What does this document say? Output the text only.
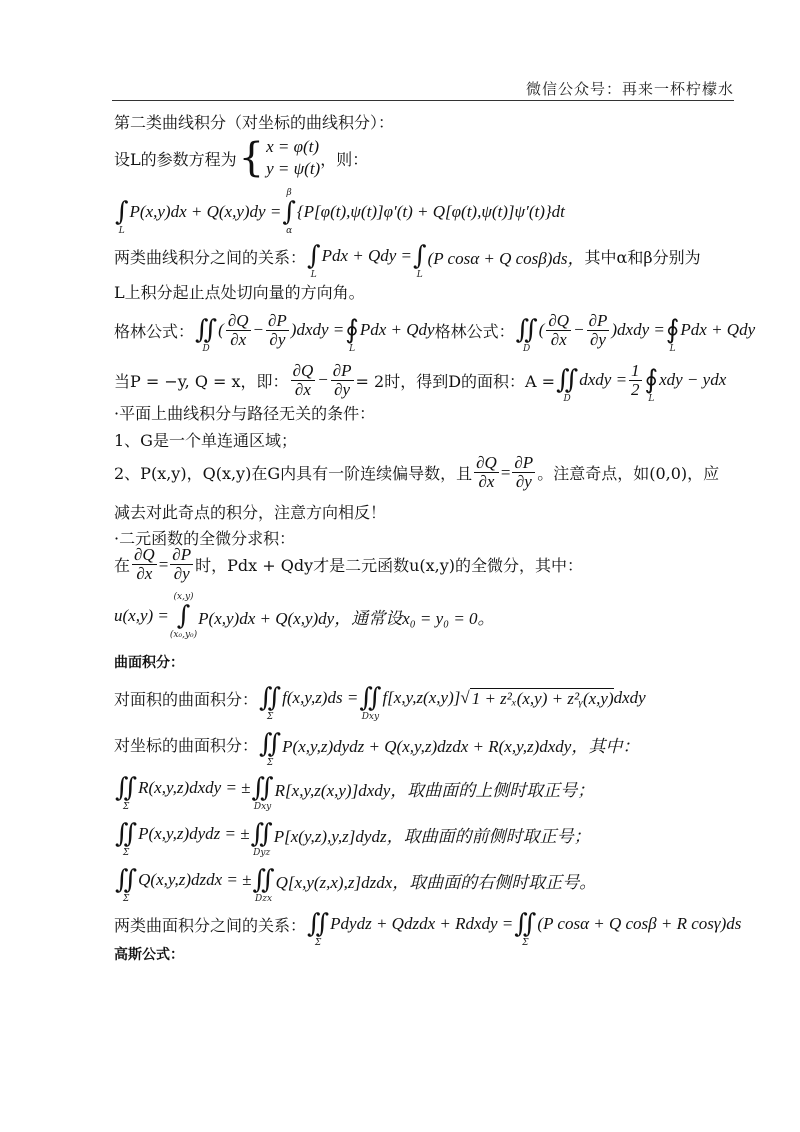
微信公众号：再来一杯柠檬水
第二类曲线积分（对坐标的曲线积分）：
设L的参数方程为 { x = φ(t)
y = ψ(t) ，则：

∫
L
P(x,y)dx + Q(x,y)dy =
β
∫
α
{P[φ(t),ψ(t)]φ′(t) + Q[φ(t),ψ(t)]ψ′(t)}dt
两类曲线积分之间的关系：
∫
L
Pdx + Qdy =
∫
L
(P cosα + Q cosβ)ds， 其中α和β分别为
L上积分起止点处切向量的方向角。
格林公式：
∬
D
( $\frac{\partial Q}{\partial x} - \frac{\partial P}{\partial y}$ ) dxdy =
∮
L
Pdx + Qdy 格林公式：
∬
D
( $\frac{\partial Q}{\partial x} - \frac{\partial P}{\partial y}$ ) dxdy =
∮
L
Pdx + Qdy
当P = −y, Q = x，即： $\frac{\partial Q}{\partial x} - \frac{\partial P}{\partial y} = 2$时，得到D的面积：A =
∬
D
dxdy = $\frac{1}{2}$
∮
L
xdy − ydx
·平面上曲线积分与路径无关的条件：
1、G是一个单连通区域；
2、P(x,y)，Q(x,y)在G内具有一阶连续偏导数，且 $\frac{\partial Q}{\partial x} = \frac{\partial P}{\partial y}$ 。注意奇点，如(0,0)，应
减去对此奇点的积分，注意方向相反！
·二元函数的全微分求积：
在 $\frac{\partial Q}{\partial x} = \frac{\partial P}{\partial y}$ 时，Pdx + Qdy才是二元函数u(x,y)的全微分，其中：
u(x,y) =
(x,y)
∫
(x₀,y₀)
P(x,y)dx + Q(x,y)dy，通常设x₀ = y₀ = 0。
曲面积分：
对面积的曲面积分：
∬
Σ
f(x,y,z)ds =
∬
Dxy
f[x,y,z(x,y)] √ 1 + z²ₓ(x,y) + z²ᵧ(x,y) dxdy
对坐标的曲面积分：
∬
Σ
P(x,y,z)dydz + Q(x,y,z)dzdx + R(x,y,z)dxdy，其中：

∬
Σ
R(x,y,z)dxdy = ±
∬
Dxy
R[x,y,z(x,y)]dxdy，取曲面的上侧时取正号；

∬
Σ
P(x,y,z)dydz = ±
∬
Dyz
P[x(y,z),y,z]dydz，取曲面的前侧时取正号；

∬
Σ
Q(x,y,z)dzdx = ±
∬
Dzx
Q[x,y(z,x),z]dzdx，取曲面的右侧时取正号。
两类曲面积分之间的关系：
∬
Σ
Pdydz + Qdzdx + Rdxdy =
∬
Σ
(P cosα + Q cosβ + R cosγ)ds
高斯公式：
